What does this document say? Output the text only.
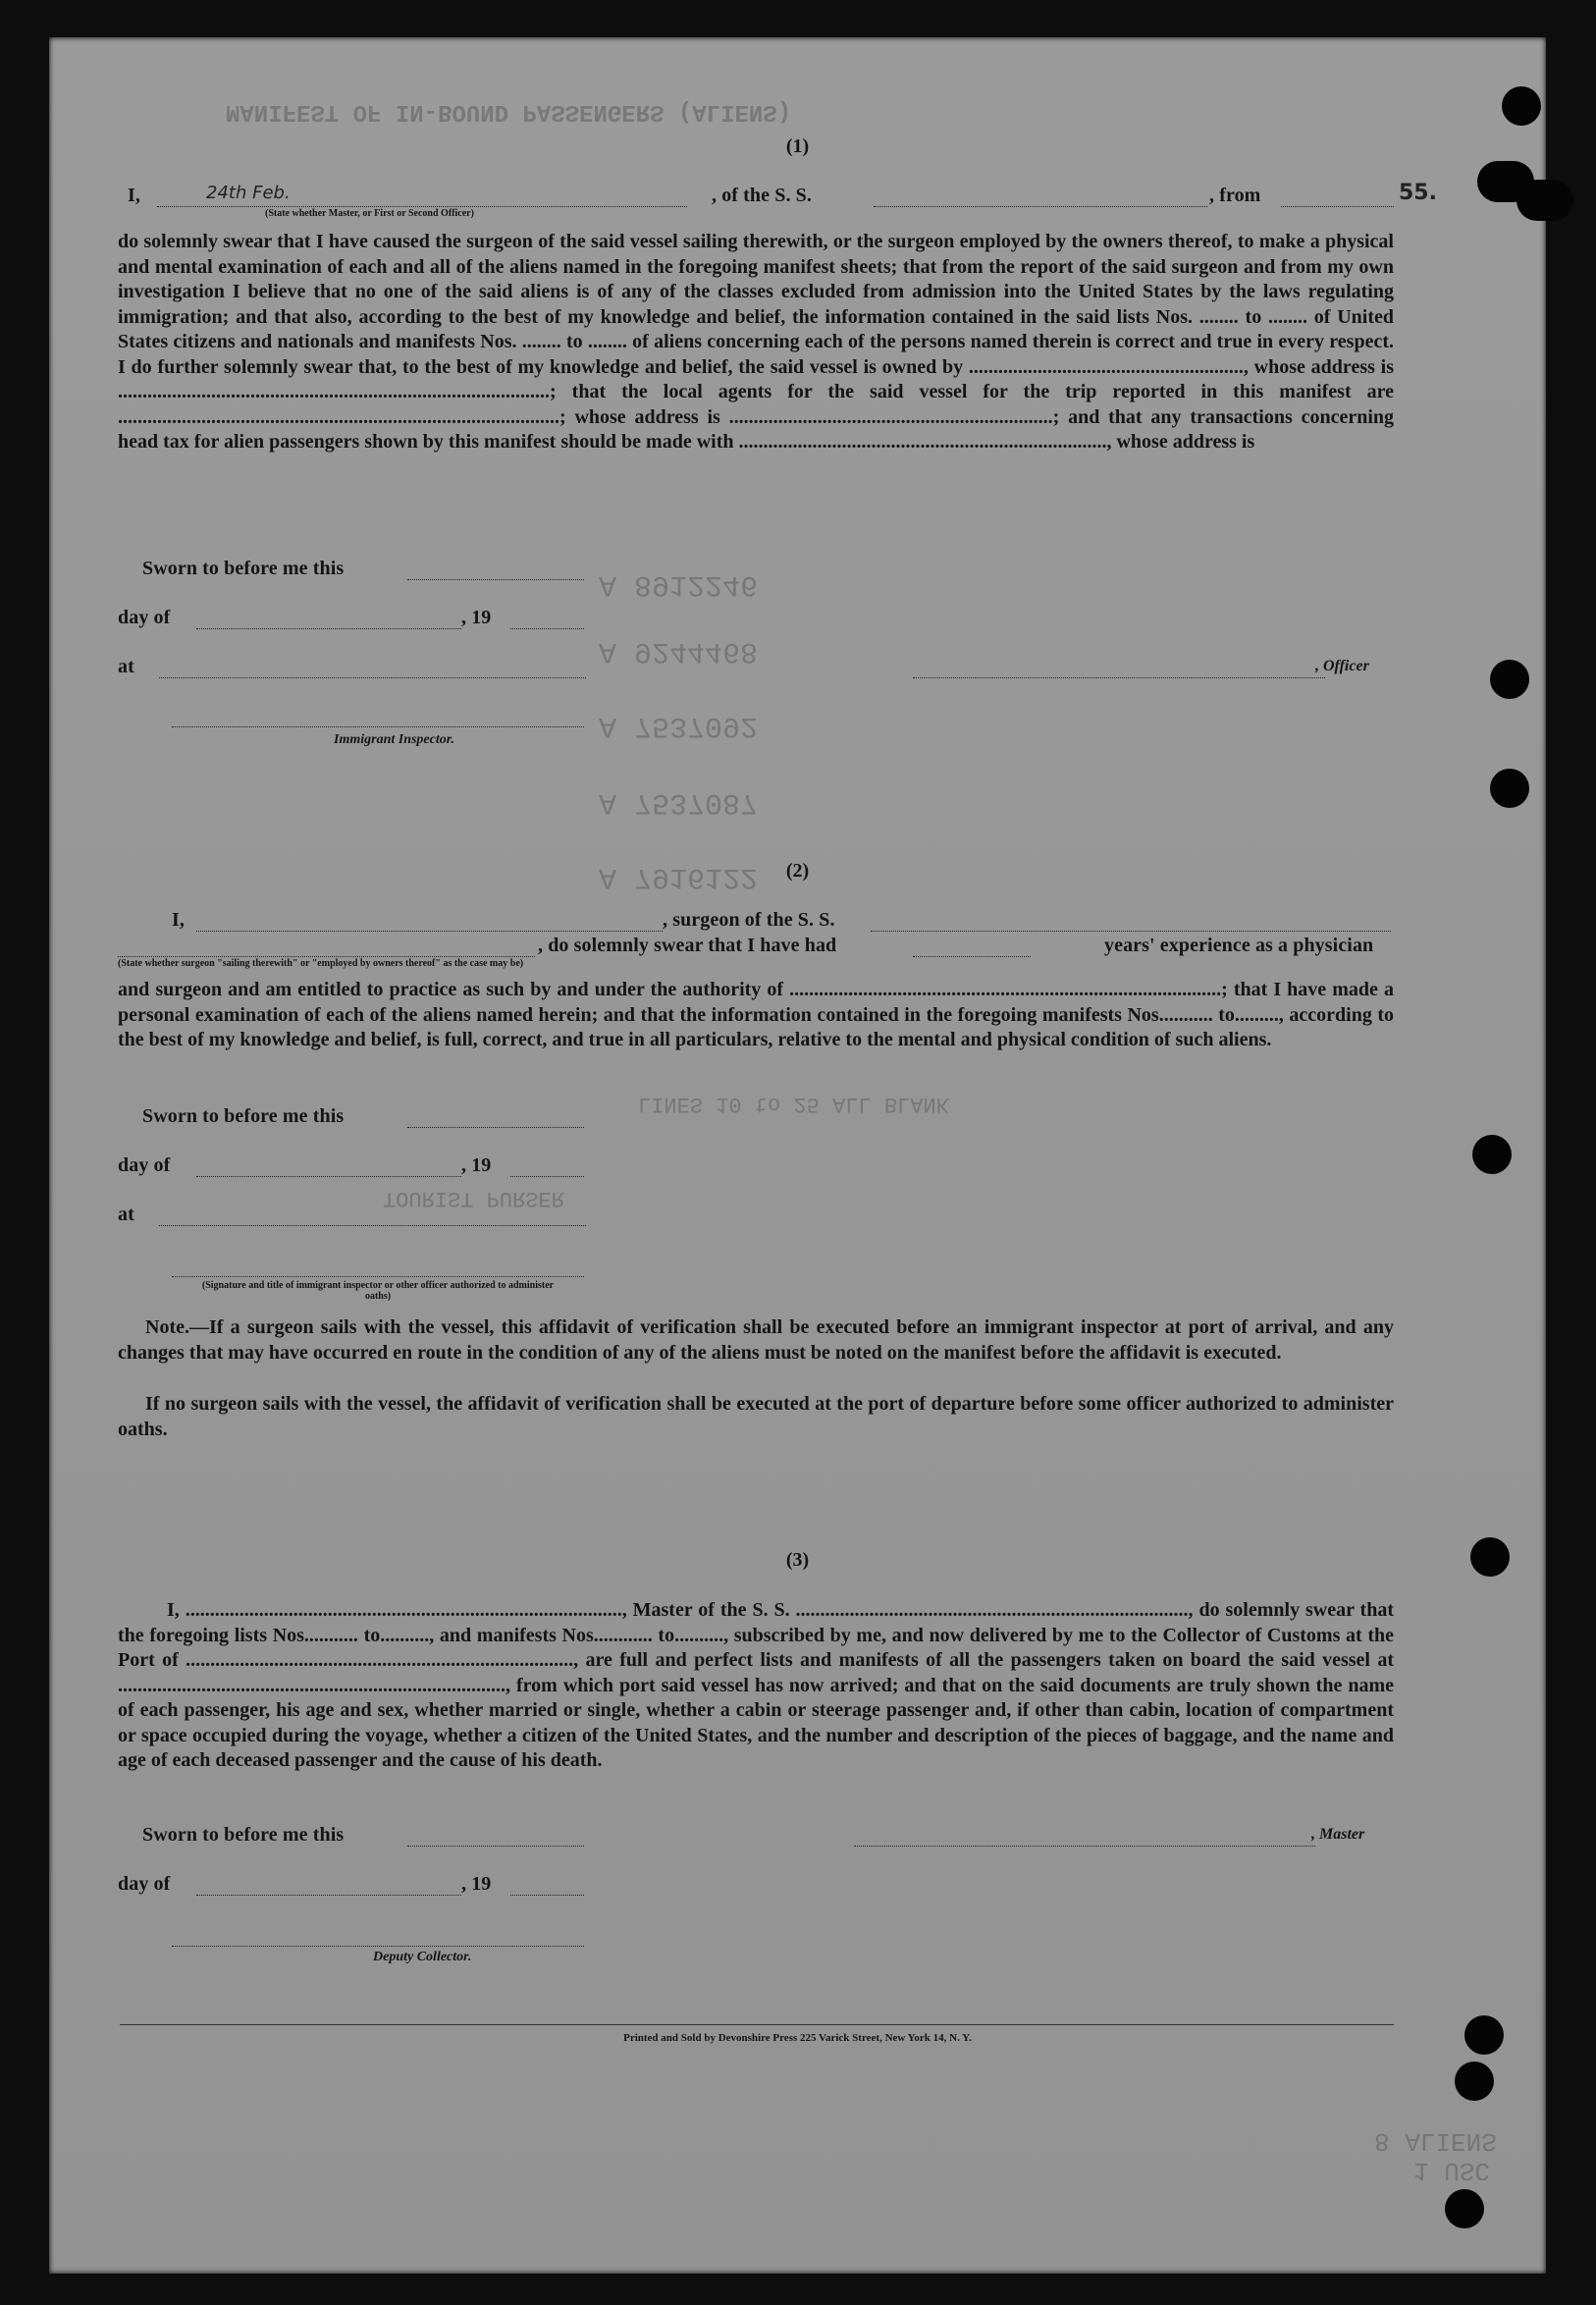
MANIFEST OF IN-BOUND PASSENGERS (ALIENS)
A 8912246
A 9244468
A 7537092
A 7537087
A 7916122
LINES 10 to 25 ALL BLANK
TOURIST PURSER
8 ALIENS
1 USC
(1)
24th Feb.	55.
I,	, of the S. S.	, from
(State whether Master, or First or Second Officer)
do solemnly swear that I have caused the surgeon of the said vessel sailing therewith, or the surgeon employed by the owners thereof, to make a physical and mental examination of each and all of the aliens named in the foregoing manifest sheets; that from the report of the said surgeon and from my own investigation I believe that no one of the said aliens is of any of the classes excluded from admission into the United States by the laws regulating immigration; and that also, according to the best of my knowledge and belief, the information contained in the said lists Nos. ........ to ........ of United States citizens and nationals and manifests Nos. ........ to ........ of aliens concerning each of the persons named therein is correct and true in every respect. I do further solemnly swear that, to the best of my knowledge and belief, the said vessel is owned by ........................................................, whose address is ........................................................................................; that the local agents for the said vessel for the trip reported in this manifest are ..........................................................................................; whose address is ..................................................................; and that any transactions concerning head tax for alien passengers shown by this manifest should be made with ..........................................................................., whose address is
Sworn to before me this
day of	, 19
at	, Officer
Immigrant Inspector.
(2)
I,	, surgeon of the S. S.
, do solemnly swear that I have had	years' experience as a physician
(State whether surgeon "sailing therewith" or "employed by owners thereof" as the case may be)
and surgeon and am entitled to practice as such by and under the authority of ........................................................................................; that I have made a personal examination of each of the aliens named herein; and that the information contained in the foregoing manifests Nos........... to........., according to the best of my knowledge and belief, is full, correct, and true in all particulars, relative to the mental and physical condition of such aliens.
Sworn to before me this
day of	, 19
at
(Signature and title of immigrant inspector or other officer authorized to administer oaths)
Note.—If a surgeon sails with the vessel, this affidavit of verification shall be executed before an immigrant inspector at port of arrival, and any changes that may have occurred en route in the condition of any of the aliens must be noted on the manifest before the affidavit is executed.
If no surgeon sails with the vessel, the affidavit of verification shall be executed at the port of departure before some officer authorized to administer oaths.
(3)
I, ........................................................................................., Master of the S. S. ................................................................................, do solemnly swear that the foregoing lists Nos........... to.........., and manifests Nos............ to.........., subscribed by me, and now delivered by me to the Collector of Customs at the Port of ..............................................................................., are full and perfect lists and manifests of all the passengers taken on board the said vessel at ..............................................................................., from which port said vessel has now arrived; and that on the said documents are truly shown the name of each passenger, his age and sex, whether married or single, whether a cabin or steerage passenger and, if other than cabin, location of compartment or space occupied during the voyage, whether a citizen of the United States, and the number and description of the pieces of baggage, and the name and age of each deceased passenger and the cause of his death.
Sworn to before me this	, Master
day of	, 19
Deputy Collector.
Printed and Sold by Devonshire Press 225 Varick Street, New York 14, N. Y.
